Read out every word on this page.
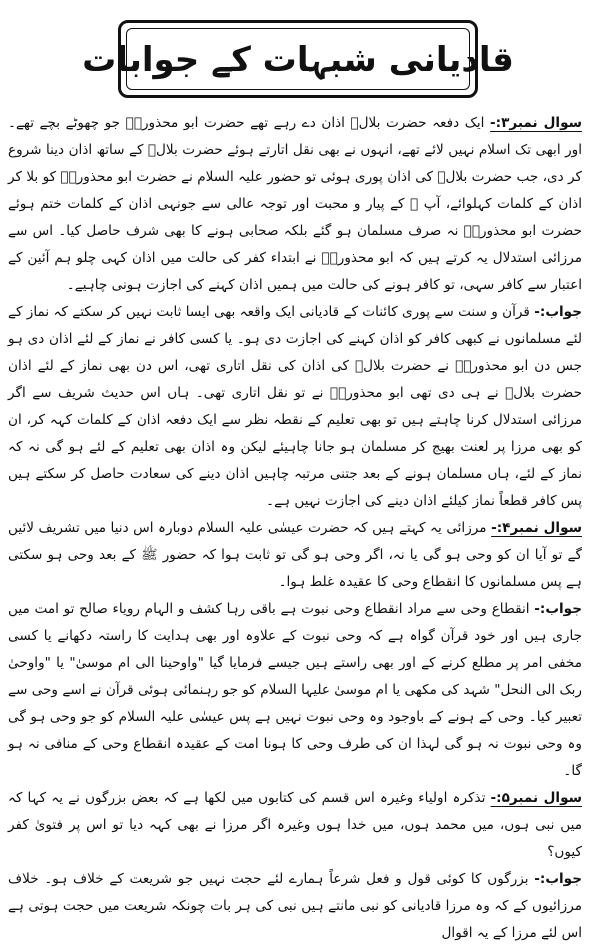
قادیانی شبہات کے جوابات

سوال نمبر۳:- ایک دفعہ حضرت بلالؓ اذان دے رہے تھے حضرت ابو محذورہؓ جو چھوٹے بچے تھے۔ اور ابھی تک اسلام نہیں لائے تھے، انہوں نے بھی نقل اتارتے ہوئے حضرت بلالؓ کے ساتھ اذان دینا شروع کر دی، جب حضرت بلالؓ کی اذان پوری ہوئی تو حضور علیہ السلام نے حضرت ابو محذورہؓ کو بلا کر اذان کے کلمات کہلوائے، آپ ﷺ کے پیار و محبت اور توجہ عالی سے جونہی اذان کے کلمات ختم ہوئے حضرت ابو محذورہؓ نہ صرف مسلمان ہو گئے بلکہ صحابی ہونے کا بھی شرف حاصل کیا۔ اس سے مرزائی استدلال یہ کرتے ہیں کہ ابو محذورہؓ نے ابتداء کفر کی حالت میں اذان کہی چلو ہم آئین کے اعتبار سے کافر سہی، تو کافر ہونے کی حالت میں ہمیں اذان کہنے کی اجازت ہونی چاہیے۔

جواب:- قرآن و سنت سے پوری کائنات کے قادیانی ایک واقعہ بھی ایسا ثابت نہیں کر سکتے کہ نماز کے لئے مسلمانوں نے کبھی کافر کو اذان کہنے کی اجازت دی ہو۔ یا کسی کافر نے نماز کے لئے اذان دی ہو جس دن ابو محذورہؓ نے حضرت بلالؓ کی اذان کی نقل اتاری تھی، اس دن بھی نماز کے لئے اذان حضرت بلالؓ نے ہی دی تھی ابو محذورہؓ نے تو نقل اتاری تھی۔ ہاں اس حدیث شریف سے اگر مرزائی استدلال کرنا چاہتے ہیں تو بھی تعلیم کے نقطہ نظر سے ایک دفعہ اذان کے کلمات کہہ کر، ان کو بھی مرزا پر لعنت بھیج کر مسلمان ہو جانا چاہیئے لیکن وہ اذان بھی تعلیم کے لئے ہو گی نہ کہ نماز کے لئے، ہاں مسلمان ہونے کے بعد جتنی مرتبہ چاہیں اذان دینے کی سعادت حاصل کر سکتے ہیں پس کافر قطعاً نماز کیلئے اذان دینے کی اجازت نہیں ہے۔

سوال نمبر۴:- مرزائی یہ کہتے ہیں کہ حضرت عیسٰی علیہ السلام دوبارہ اس دنیا میں تشریف لائیں گے تو آیا ان کو وحی ہو گی یا نہ، اگر وحی ہو گی تو ثابت ہوا کہ حضور ﷺ کے بعد وحی ہو سکتی ہے پس مسلمانوں کا انقطاع وحی کا عقیدہ غلط ہوا۔

جواب:- انقطاع وحی سے مراد انقطاع وحی نبوت ہے باقی رہا کشف و الہام رویاء صالح تو امت میں جاری ہیں اور خود قرآن گواہ ہے کہ وحی نبوت کے علاوہ اور بھی ہدایت کا راستہ دکھانے یا کسی مخفی امر پر مطلع کرنے کے اور بھی راستے ہیں جیسے فرمایا گیا "واوحینا الی ام موسیٰ" یا "واوحیٰ ربک الی النحل" شہد کی مکھی یا ام موسیٰ علیہا السلام کو جو رہنمائی ہوئی قرآن نے اسے وحی سے تعبیر کیا۔ وحی کے ہونے کے باوجود وہ وحی نبوت نہیں ہے پس عیسٰی علیہ السلام کو جو وحی ہو گی وہ وحی نبوت نہ ہو گی لہذا ان کی طرف وحی کا ہونا امت کے عقیدہ انقطاع وحی کے منافی نہ ہو گا۔

سوال نمبر۵:- تذکرہ اولیاء وغیرہ اس قسم کی کتابوں میں لکھا ہے کہ بعض بزرگوں نے یہ کہا کہ میں نبی ہوں، میں محمد ہوں، میں خدا ہوں وغیرہ اگر مرزا نے بھی کہہ دیا تو اس پر فتویٰ کفر کیوں؟

جواب:- بزرگوں کا کوئی قول و فعل شرعاً ہمارے لئے حجت نہیں جو شریعت کے خلاف ہو۔ خلاف مرزائیوں کے کہ وہ مرزا قادیانی کو نبی مانتے ہیں نبی کی ہر بات چونکہ شریعت میں حجت ہوتی ہے اس لئے مرزا کے یہ اقوال
